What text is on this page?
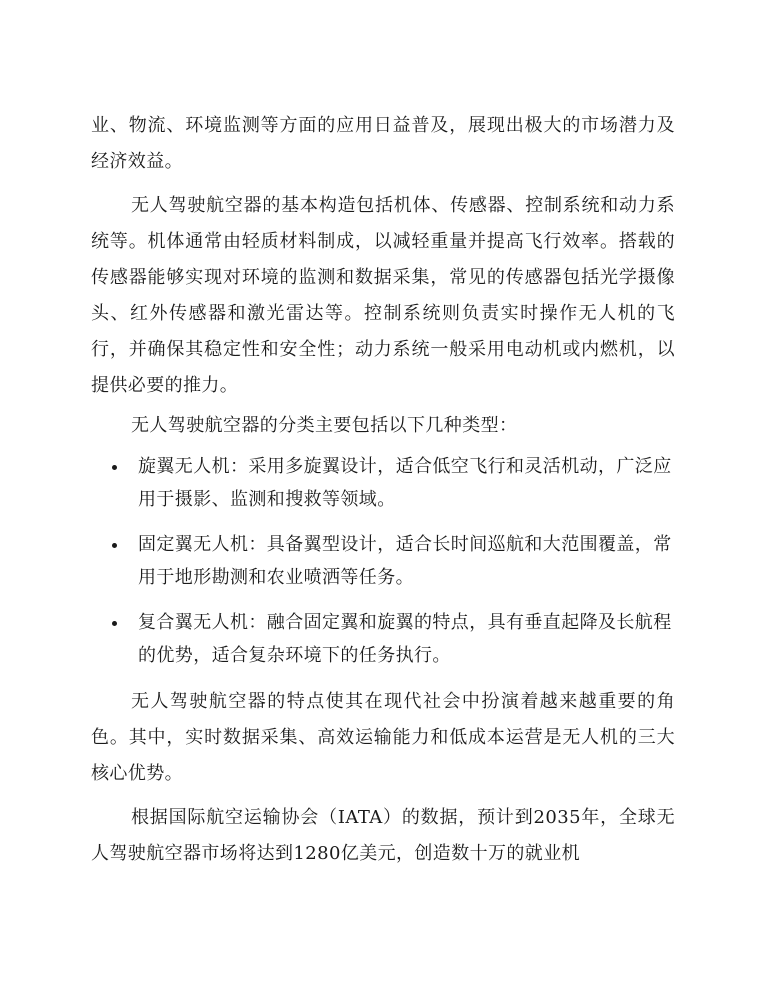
业、物流、环境监测等方面的应用日益普及，展现出极大的市场潜力及经济效益。

无人驾驶航空器的基本构造包括机体、传感器、控制系统和动力系统等。机体通常由轻质材料制成，以减轻重量并提高飞行效率。搭载的传感器能够实现对环境的监测和数据采集，常见的传感器包括光学摄像头、红外传感器和激光雷达等。控制系统则负责实时操作无人机的飞行，并确保其稳定性和安全性；动力系统一般采用电动机或内燃机，以提供必要的推力。

无人驾驶航空器的分类主要包括以下几种类型：

旋翼无人机：采用多旋翼设计，适合低空飞行和灵活机动，广泛应用于摄影、监测和搜救等领域。
固定翼无人机：具备翼型设计，适合长时间巡航和大范围覆盖，常用于地形勘测和农业喷洒等任务。
复合翼无人机：融合固定翼和旋翼的特点，具有垂直起降及长航程的优势，适合复杂环境下的任务执行。

无人驾驶航空器的特点使其在现代社会中扮演着越来越重要的角色。其中，实时数据采集、高效运输能力和低成本运营是无人机的三大核心优势。

根据国际航空运输协会（IATA）的数据，预计到2035年，全球无人驾驶航空器市场将达到1280亿美元，创造数十万的就业机
